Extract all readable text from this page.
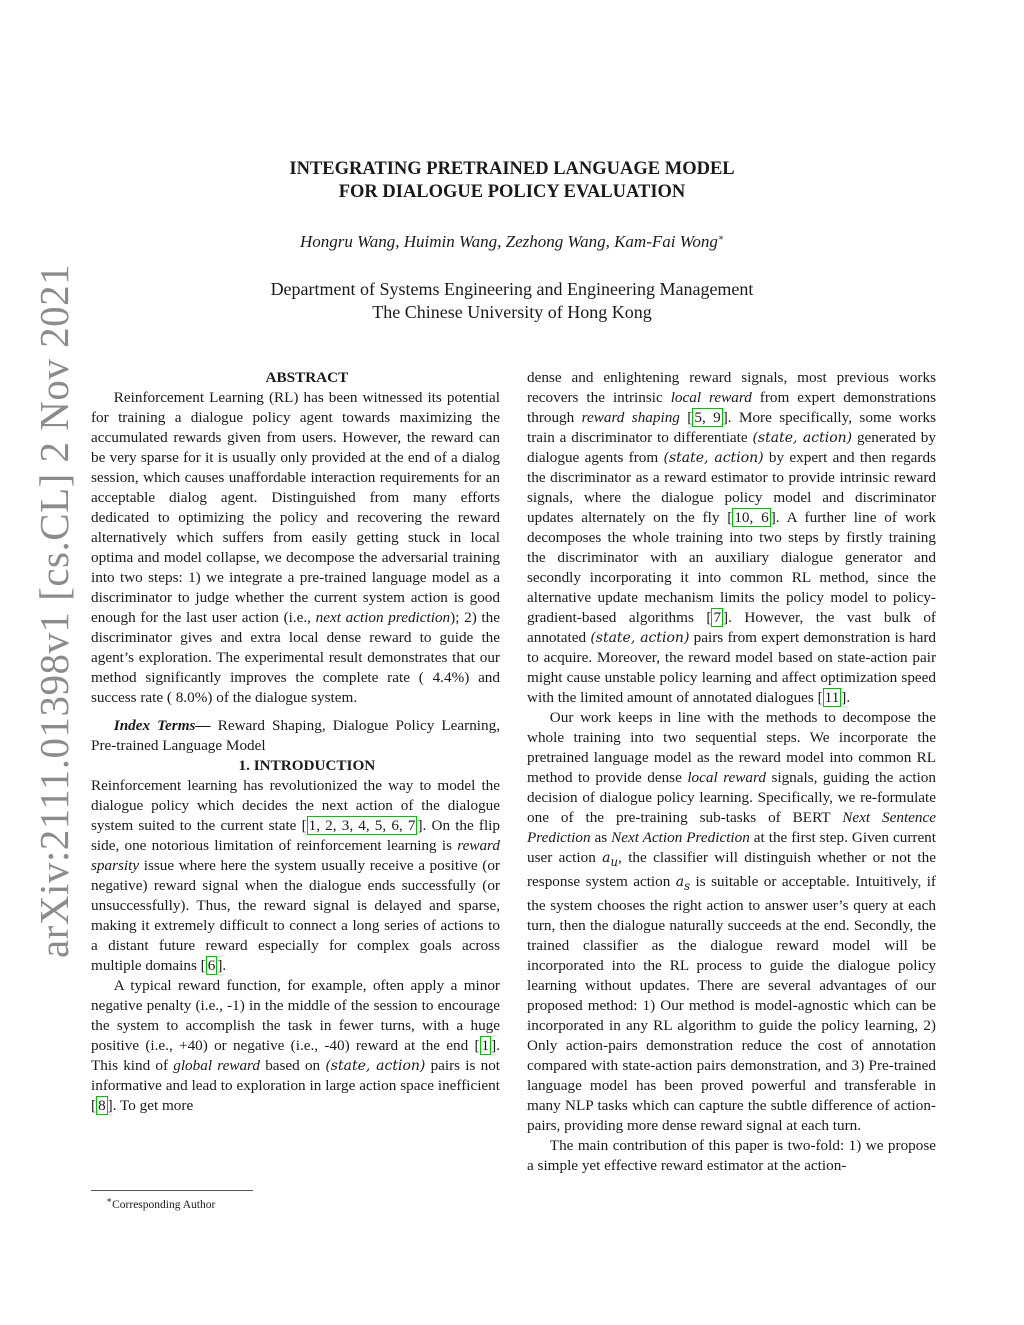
arXiv:2111.01398v1 [cs.CL] 2 Nov 2021
INTEGRATING PRETRAINED LANGUAGE MODEL
FOR DIALOGUE POLICY EVALUATION
Hongru Wang, Huimin Wang, Zezhong Wang, Kam-Fai Wong∗
Department of Systems Engineering and Engineering Management
The Chinese University of Hong Kong

ABSTRACT

Reinforcement Learning (RL) has been witnessed its potential for training a dialogue policy agent towards maximizing the accumulated rewards given from users. However, the reward can be very sparse for it is usually only provided at the end of a dialog session, which causes unaffordable interaction requirements for an acceptable dialog agent. Distinguished from many efforts dedicated to optimizing the policy and recovering the reward alternatively which suffers from easily getting stuck in local optima and model collapse, we decompose the adversarial training into two steps: 1) we integrate a pre-trained language model as a discriminator to judge whether the current system action is good enough for the last user action (i.e., next action prediction); 2) the discriminator gives and extra local dense reward to guide the agent’s exploration. The experimental result demonstrates that our method significantly improves the complete rate ( 4.4%) and success rate ( 8.0%) of the dialogue system.

Index Terms— Reward Shaping, Dialogue Policy Learning, Pre-trained Language Model

1. INTRODUCTION

Reinforcement learning has revolutionized the way to model the dialogue policy which decides the next action of the dialogue system suited to the current state [ 1, 2, 3, 4, 5, 6, 7 ]. On the flip side, one notorious limitation of reinforcement learning is reward sparsity issue where here the system usually receive a positive (or negative) reward signal when the dialogue ends successfully (or unsuccessfully). Thus, the reward signal is delayed and sparse, making it extremely difficult to connect a long series of actions to a distant future reward especially for complex goals across multiple domains [ 6 ].

A typical reward function, for example, often apply a minor negative penalty (i.e., -1) in the middle of the session to encourage the system to accomplish the task in fewer turns, with a huge positive (i.e., +40) or negative (i.e., -40) reward at the end [ 1 ]. This kind of global reward based on (state, action) pairs is not informative and lead to exploration in large action space inefficient [ 8 ]. To get more

∗Corresponding Author

dense and enlightening reward signals, most previous works recovers the intrinsic local reward from expert demonstrations through reward shaping [ 5, 9 ]. More specifically, some works train a discriminator to differentiate (state, action) generated by dialogue agents from (state, action) by expert and then regards the discriminator as a reward estimator to provide intrinsic reward signals, where the dialogue policy model and discriminator updates alternately on the fly [ 10, 6 ]. A further line of work decomposes the whole training into two steps by firstly training the discriminator with an auxiliary dialogue generator and secondly incorporating it into common RL method, since the alternative update mechanism limits the policy model to policy-gradient-based algorithms [ 7 ]. However, the vast bulk of annotated (state, action) pairs from expert demonstration is hard to acquire. Moreover, the reward model based on state-action pair might cause unstable policy learning and affect optimization speed with the limited amount of annotated dialogues [ 11 ].

Our work keeps in line with the methods to decompose the whole training into two sequential steps. We incorporate the pretrained language model as the reward model into common RL method to provide dense local reward signals, guiding the action decision of dialogue policy learning. Specifically, we re-formulate one of the pre-training sub-tasks of BERT Next Sentence Prediction as Next Action Prediction at the first step. Given current user action $a_u$, the classifier will distinguish whether or not the response system action $a_s$ is suitable or acceptable. Intuitively, if the system chooses the right action to answer user’s query at each turn, then the dialogue naturally succeeds at the end. Secondly, the trained classifier as the dialogue reward model will be incorporated into the RL process to guide the dialogue policy learning without updates. There are several advantages of our proposed method: 1) Our method is model-agnostic which can be incorporated in any RL algorithm to guide the policy learning, 2) Only action-pairs demonstration reduce the cost of annotation compared with state-action pairs demonstration, and 3) Pre-trained language model has been proved powerful and transferable in many NLP tasks which can capture the subtle difference of action-pairs, providing more dense reward signal at each turn.

The main contribution of this paper is two-fold: 1) we propose a simple yet effective reward estimator at the action-
